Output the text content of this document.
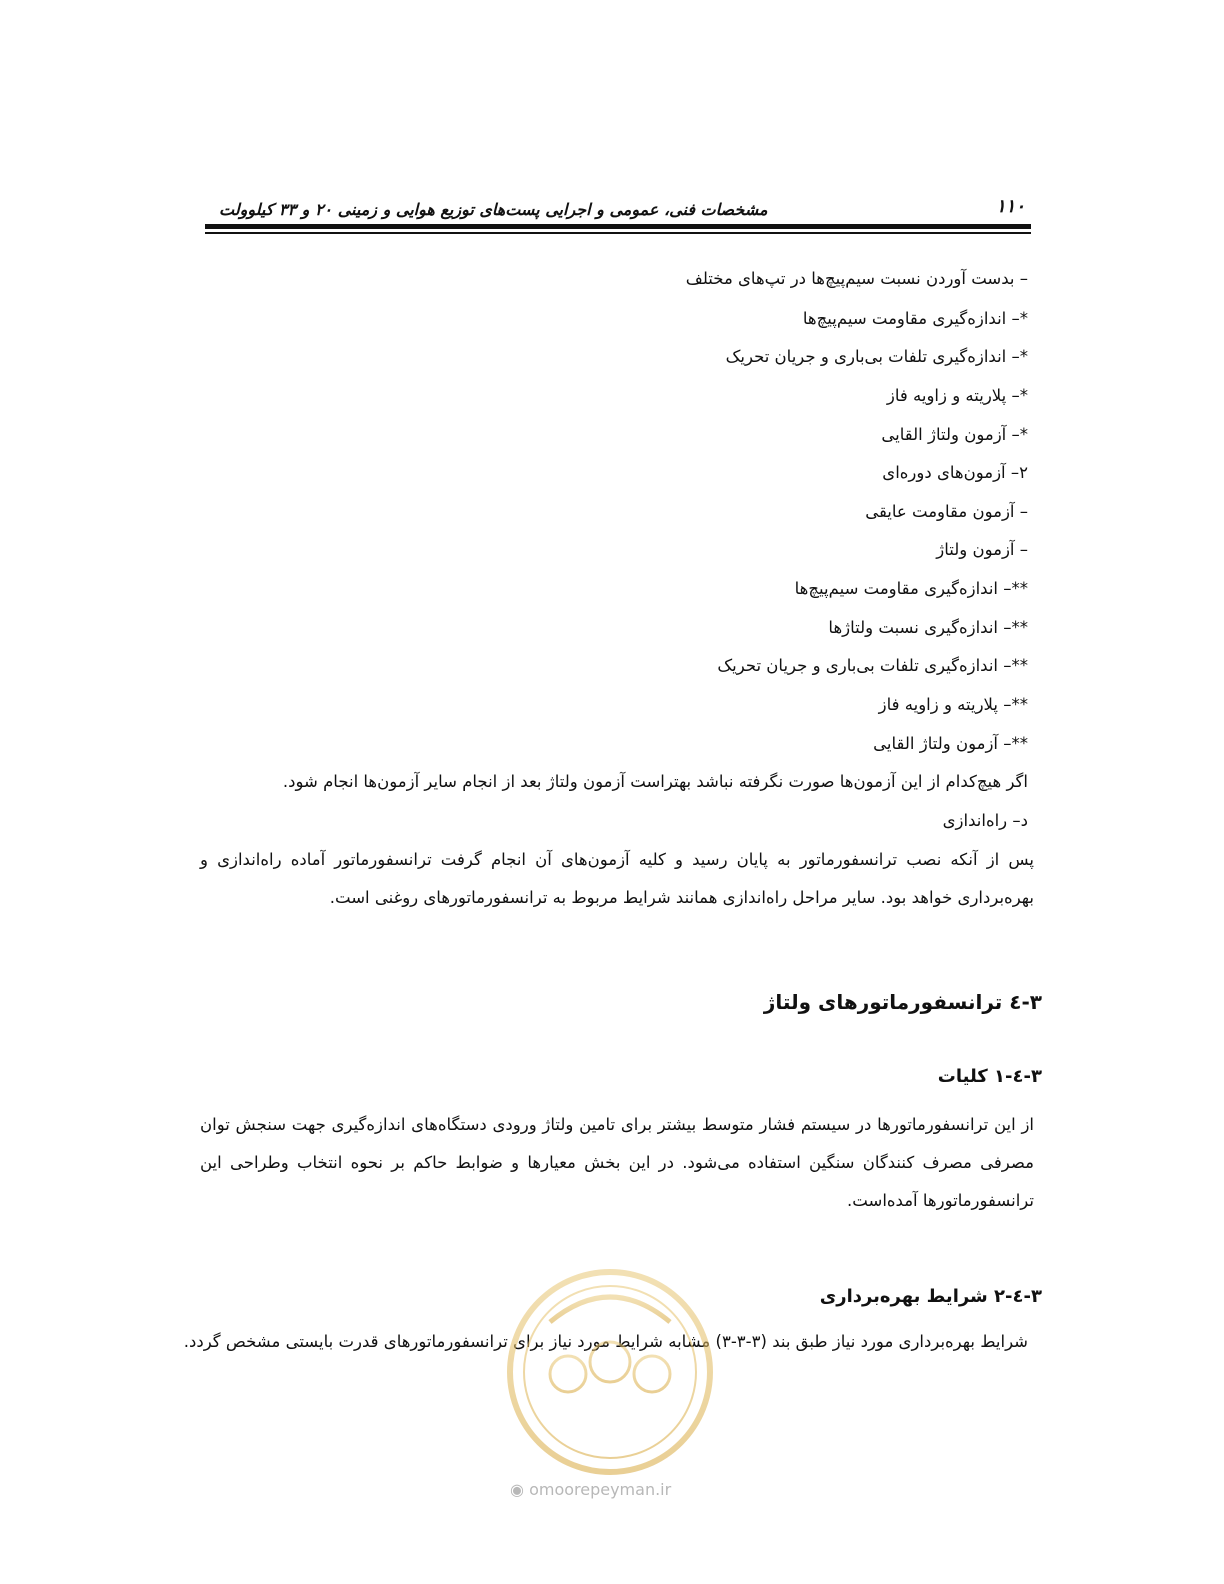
مشخصات فنی، عمومی و اجرایی پست‌های توزیع هوایی و زمینی ۲۰ و ۳۳ کیلوولت	۱۱۰
– بدست آوردن نسبت سیم‌پیچ‌ها در تپ‌های مختلف
*– اندازه‌گیری مقاومت سیم‌پیچ‌ها
*– اندازه‌گیری تلفات بی‌باری و جریان تحریک
*– پلاریته و زاویه فاز
*– آزمون ولتاژ القایی
۲– آزمون‌های دوره‌ای
– آزمون مقاومت عایقی
– آزمون ولتاژ
**– اندازه‌گیری مقاومت سیم‌پیچ‌ها
**– اندازه‌گیری نسبت ولتاژها
**– اندازه‌گیری تلفات بی‌باری و جریان تحریک
**– پلاریته و زاویه فاز
**– آزمون ولتاژ القایی
اگر هیچ‌کدام از این آزمون‌ها صورت نگرفته نباشد بهتراست آزمون ولتاژ بعد از انجام سایر آزمون‌ها انجام شود.
د– راه‌اندازی
پس از آنکه نصب ترانسفورماتور به پایان رسید و کلیه آزمون‌های آن انجام گرفت ترانسفورماتور آماده راه‌اندازی و بهره‌برداری خواهد بود. سایر مراحل راه‌اندازی همانند شرایط مربوط به ترانسفورماتورهای روغنی است.
۳-٤ ترانسفورماتورهای ولتاژ
۳-٤-۱ کلیات
از این ترانسفورماتورها در سیستم فشار متوسط بیشتر برای تامین ولتاژ ورودی دستگاه‌های اندازه‌گیری جهت سنجش توان مصرفی مصرف کنندگان سنگین استفاده می‌شود. در این بخش معیارها و ضوابط حاکم بر نحوه انتخاب وطراحی این ترانسفورماتورها آمده‌است.
۳-٤-۲ شرایط بهره‌برداری
شرایط بهره‌برداری مورد نیاز طبق بند (۳-۳-۳) مشابه شرایط مورد نیاز برای ترانسفورماتورهای قدرت بایستی مشخص گردد.
◉ omoorepeyman.ir
